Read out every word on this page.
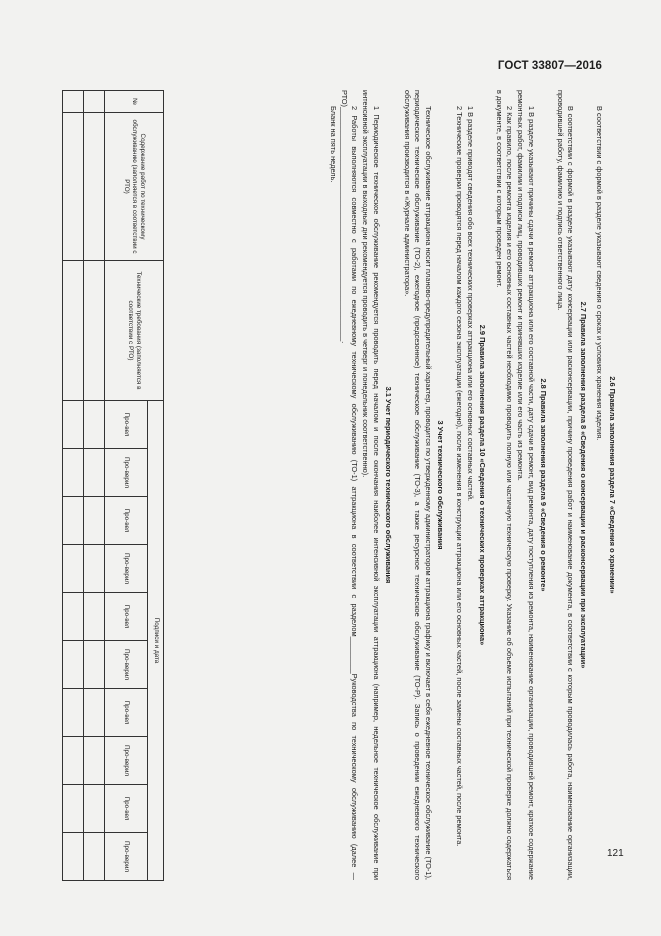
ГОСТ 33807—2016

2.6 Правила заполнения раздела 7 «Сведения о хранении»

В соответствии с формой в разделе указывают сведения о сроках и условиях хранения изделия.

2.7 Правила заполнения раздела 8 «Сведения о консервации и расконсервации при эксплуатации»

В соответствии с формой в разделе указывают дату консервации или расконсервации, причину проведения работ и наименование документа, в соответствии с которым проводилась работа, наименование организации, проводившей работу, фамилию и подпись ответственного лица.

2.8 Правила заполнения раздела 9 «Сведения о ремонте»

1 В разделе указывают причины сдачи в ремонт аттракциона или его составной части, дату сдачи в ремонт, вид ремонта, дату поступления из ремонта, наименование организации, проводившей ремонт, краткое содержание ремонтных работ, фамилии и подписи лиц, проводивших ремонт и принявших изделие или его часть из ремонта.

2 Как правило, после ремонта изделия и его основных составных частей необходимо проводить полную или частичную техническую проверку. Указание об объеме испытаний при технической проверке должно содержаться в документе, в соответствии с которым проведен ремонт.

2.9 Правила заполнения раздела 10 «Сведения о технических проверках аттракциона»

1 В разделе приводят сведения обо всех технических проверках аттракциона или его основных составных частей.

2 Технические проверки проводятся перед началом каждого сезона эксплуатации (ежегодно), после изменения в конструкции аттракциона или его основных частей, после замены составных частей, после ремонта.

3 Учет технического обслуживания

Техническое обслуживание аттракциона носит планово-предупредительный характер, проводится по утвержденному администратором аттракциона графику и включает в себя ежедневное техническое обслуживание (ТО-1), периодическое техническое обслуживание (ТО-2), ежегодное (предсезонное) техническое обслуживание (ТО-3), а также ресурсное техническое обслуживание (ТО-Р). Запись о проведении ежедневного технического обслуживания производится в «Журнале администратора».

3.1 Учет периодического технического обслуживания

1 Периодическое техническое обслуживание рекомендуется проводить перед началом и после окончания наиболее интенсивной эксплуатации аттракциона (например, недельное техническое обслуживание при интенсивной эксплуатации в выходные дни рекомендуется проводить в четверг и понедельник соответственно).

2 Работы выполняются совместно с работами по ежедневному техническому обслуживанию (ТО-1) аттракциона в соответствии с разделом_________Руководства по техническому обслуживанию (далее — РТО)_________________________________________________________.

Бланк на пять недель.

№	Содержание работ по техническому обслуживанию (заполняется в соответствии с РТО)	Технические требования (заполняется в соответствии с РТО)	Подписи и дата									
			Про-вел	Про-верил	Про-вел	Про-верил	Про-вел	Про-верил	Про-вел	Про-верил	Про-вел	Про-верил

													121
